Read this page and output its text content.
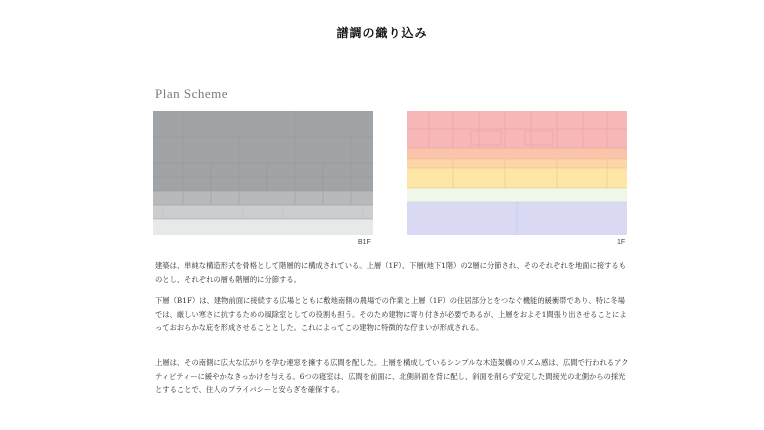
譜調の織り込み
Plan Scheme
B1F	1F

建築は、単純な構造形式を骨格として階層的に構成されている。上層（1F）、下層(地下1階）の2層に分節され、そのそれぞれを地面に接するものとし、それぞれの層も階層的に分節する。

下層（B1F）は、建物前面に接続する広場とともに敷地南側の農場での作業と上層（1F）の住居部分とをつなぐ機能的緩衝帯であり、特に冬場では、厳しい寒さに抗するための風除室としての役割も担う。そのため建物に寄り付きが必要であるが、上層をおよそ1間張り出させることによっておおらかな庇を形成させることとした。これによってこの建物に特徴的な佇まいが形成される。

上層は、その南側に広大な広がりを孕む連窓を擁する広間を配した。上層を構成しているシンプルな木造架構のリズム感は、広間で行われるアクティビティーに緩やかなきっかけを与える。6つの寝室は、広間を前面に、北側斜面を背に配し、斜面を削らず安定した間接光の北側からの採光とすることで、住人のプライバシーと安らぎを確保する。
